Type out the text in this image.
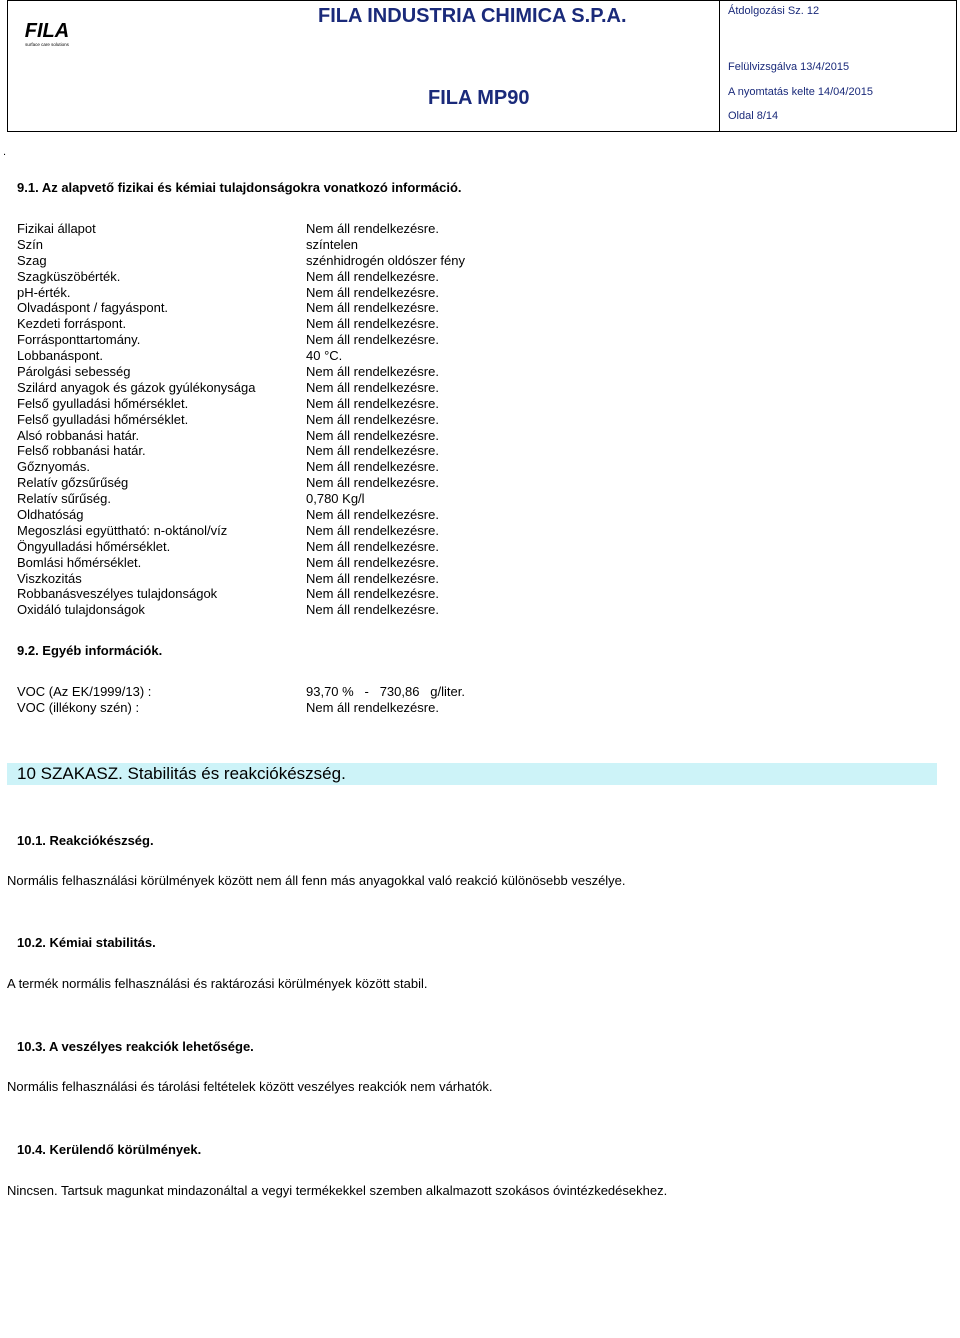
FILA
surface care solutions
FILA INDUSTRIA CHIMICA S.P.A.
FILA MP90
Átdolgozási Sz. 12
Felülvizsgálva 13/4/2015
A nyomtatás kelte 14/04/2015
Oldal 8/14
.
9.1. Az alapvető fizikai és kémiai tulajdonságokra vonatkozó információ.
Fizikai állapot	Nem áll rendelkezésre.
Szín	színtelen
Szag	szénhidrogén oldószer fény
Szagküszöbérték.	Nem áll rendelkezésre.
pH-érték.	Nem áll rendelkezésre.
Olvadáspont / fagyáspont.	Nem áll rendelkezésre.
Kezdeti forráspont.	Nem áll rendelkezésre.
Forrásponttartomány.	Nem áll rendelkezésre.
Lobbanáspont.	40 °C.
Párolgási sebesség	Nem áll rendelkezésre.
Szilárd anyagok és gázok gyúlékonysága	Nem áll rendelkezésre.
Felső gyulladási hőmérséklet.	Nem áll rendelkezésre.
Felső gyulladási hőmérséklet.	Nem áll rendelkezésre.
Alsó robbanási határ.	Nem áll rendelkezésre.
Felső robbanási határ.	Nem áll rendelkezésre.
Gőznyomás.	Nem áll rendelkezésre.
Relatív gőzsűrűség	Nem áll rendelkezésre.
Relatív sűrűség.	0,780 Kg/l
Oldhatóság	Nem áll rendelkezésre.
Megoszlási együttható: n-oktánol/víz	Nem áll rendelkezésre.
Öngyulladási hőmérséklet.	Nem áll rendelkezésre.
Bomlási hőmérséklet.	Nem áll rendelkezésre.
Viszkozitás	Nem áll rendelkezésre.
Robbanásveszélyes tulajdonságok	Nem áll rendelkezésre.
Oxidáló tulajdonságok	Nem áll rendelkezésre.
9.2. Egyéb információk.
VOC (Az EK/1999/13) :	93,70 %   -   730,86   g/liter.
VOC (illékony szén) :	Nem áll rendelkezésre.
10 SZAKASZ. Stabilitás és reakciókészség.
10.1. Reakciókészség.
Normális felhasználási körülmények között nem áll fenn más anyagokkal való reakció különösebb veszélye.
10.2. Kémiai stabilitás.
A termék normális felhasználási és raktározási körülmények között stabil.
10.3. A veszélyes reakciók lehetősége.
Normális felhasználási és tárolási feltételek között veszélyes reakciók nem várhatók.
10.4. Kerülendő körülmények.
Nincsen. Tartsuk magunkat mindazonáltal a vegyi termékekkel szemben alkalmazott szokásos óvintézkedésekhez.
